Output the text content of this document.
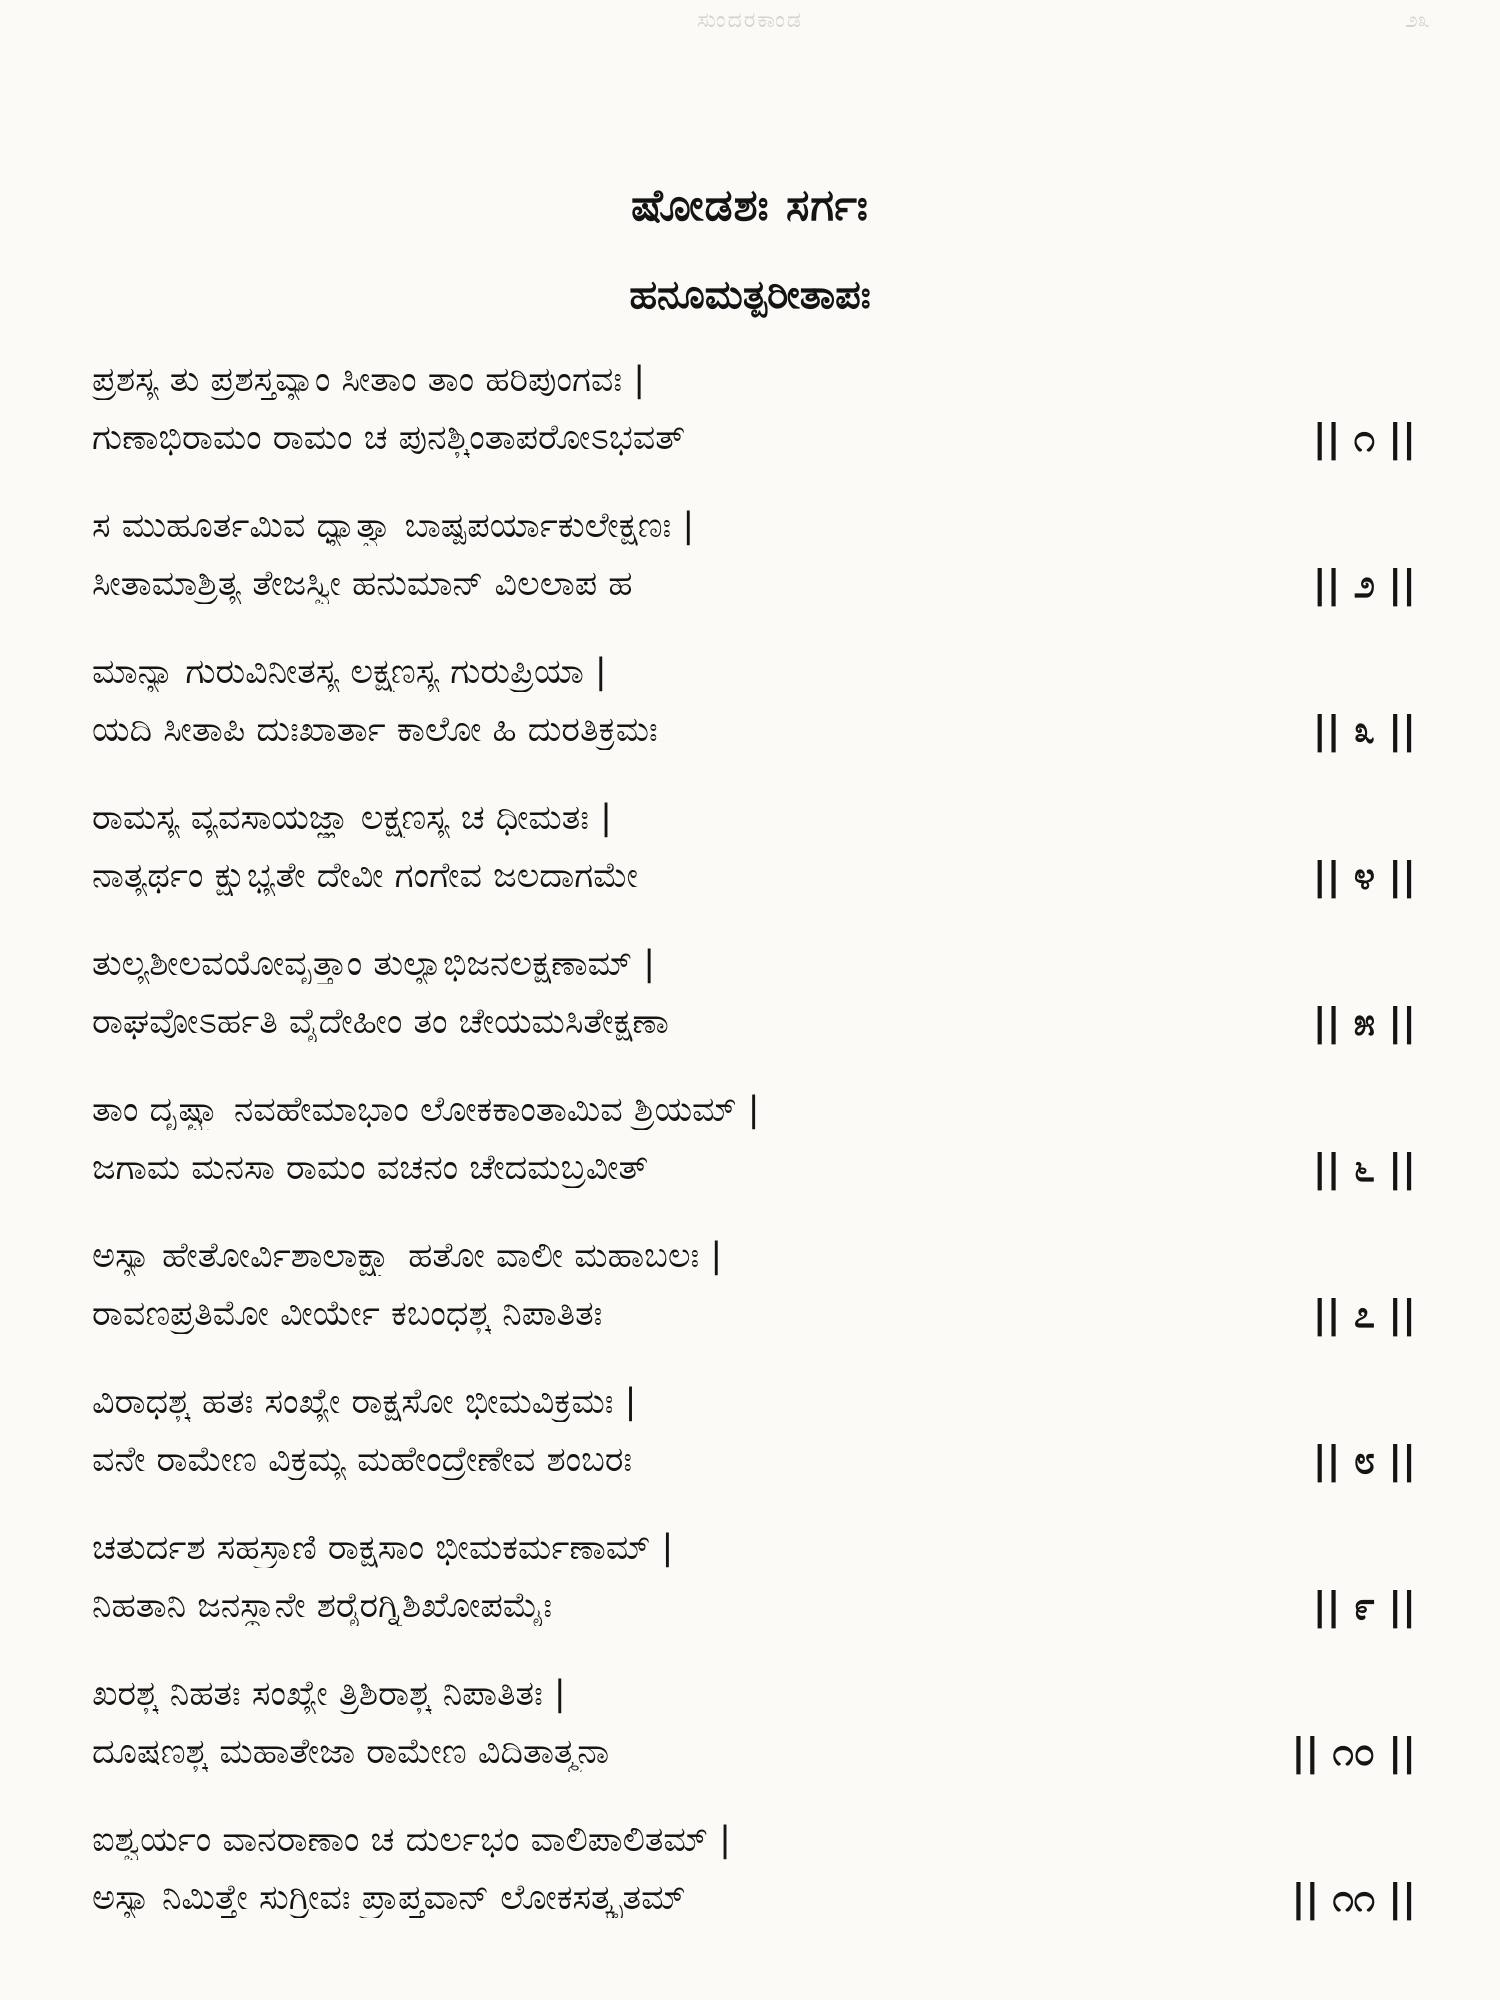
ಸುಂದರಕಾಂಡ	೨೩
ಷೋಡಶಃ ಸರ್ಗಃ
ಹನೂಮತ್ಪರೀತಾಪಃ
ಪ್ರಶಸ್ಯ ತು ಪ್ರಶಸ್ತವ್ಯಾಂ ಸೀತಾಂ ತಾಂ ಹರಿಪುಂಗವಃ |
ಗುಣಾಭಿರಾಮಂ ರಾಮಂ ಚ ಪುನಶ್ಚಿಂತಾಪರೋಽಭವತ್	|| ೧ ||
ಸ ಮುಹೂರ್ತಮಿವ ಧ್ಯಾತ್ವಾ ಬಾಷ್ಪಪರ್ಯಾಕುಲೇಕ್ಷಣಃ |
ಸೀತಾಮಾಶ್ರಿತ್ಯ ತೇಜಸ್ವೀ ಹನುಮಾನ್ ವಿಲಲಾಪ ಹ	|| ೨ ||
ಮಾನ್ಯಾ ಗುರುವಿನೀತಸ್ಯ ಲಕ್ಷ್ಮಣಸ್ಯ ಗುರುಪ್ರಿಯಾ |
ಯದಿ ಸೀತಾಪಿ ದುಃಖಾರ್ತಾ ಕಾಲೋ ಹಿ ದುರತಿಕ್ರಮಃ	|| ೩ ||
ರಾಮಸ್ಯ ವ್ಯವಸಾಯಜ್ಞಾ ಲಕ್ಷ್ಮಣಸ್ಯ ಚ ಧೀಮತಃ |
ನಾತ್ಯರ್ಥಂ ಕ್ಷುಭ್ಯತೇ ದೇವೀ ಗಂಗೇವ ಜಲದಾಗಮೇ	|| ೪ ||
ತುಲ್ಯಶೀಲವಯೋವೃತ್ತಾಂ ತುಲ್ಯಾಭಿಜನಲಕ್ಷಣಾಮ್ |
ರಾಘವೋಽರ್ಹತಿ ವೈದೇಹೀಂ ತಂ ಚೇಯಮಸಿತೇಕ್ಷಣಾ	|| ೫ ||
ತಾಂ ದೃಷ್ಟ್ವಾ ನವಹೇಮಾಭಾಂ ಲೋಕಕಾಂತಾಮಿವ ಶ್ರಿಯಮ್ |
ಜಗಾಮ ಮನಸಾ ರಾಮಂ ವಚನಂ ಚೇದಮಬ್ರವೀತ್	|| ೬ ||
ಅಸ್ಯಾ ಹೇತೋರ್ವಿಶಾಲಾಕ್ಷ್ಯಾ ಹತೋ ವಾಲೀ ಮಹಾಬಲಃ |
ರಾವಣಪ್ರತಿಮೋ ವೀರ್ಯೇ ಕಬಂಧಶ್ಚ ನಿಪಾತಿತಃ	|| ೭ ||
ವಿರಾಧಶ್ಚ ಹತಃ ಸಂಖ್ಯೇ ರಾಕ್ಷಸೋ ಭೀಮವಿಕ್ರಮಃ |
ವನೇ ರಾಮೇಣ ವಿಕ್ರಮ್ಯ ಮಹೇಂದ್ರೇಣೇವ ಶಂಬರಃ	|| ೮ ||
ಚತುರ್ದಶ ಸಹಸ್ರಾಣಿ ರಾಕ್ಷಸಾಂ ಭೀಮಕರ್ಮಣಾಮ್ |
ನಿಹತಾನಿ ಜನಸ್ಥಾನೇ ಶರೈರಗ್ನಿಶಿಖೋಪಮೈಃ	|| ೯ ||
ಖರಶ್ಚ ನಿಹತಃ ಸಂಖ್ಯೇ ತ್ರಿಶಿರಾಶ್ಚ ನಿಪಾತಿತಃ |
ದೂಷಣಶ್ಚ ಮಹಾತೇಜಾ ರಾಮೇಣ ವಿದಿತಾತ್ಮನಾ	|| ೧೦ ||
ಐಶ್ವರ್ಯಂ ವಾನರಾಣಾಂ ಚ ದುರ್ಲಭಂ ವಾಲಿಪಾಲಿತಮ್ |
ಅಸ್ಯಾ ನಿಮಿತ್ತೇ ಸುಗ್ರೀವಃ ಪ್ರಾಪ್ತವಾನ್ ಲೋಕಸತ್ಕೃತಮ್	|| ೧೧ ||
